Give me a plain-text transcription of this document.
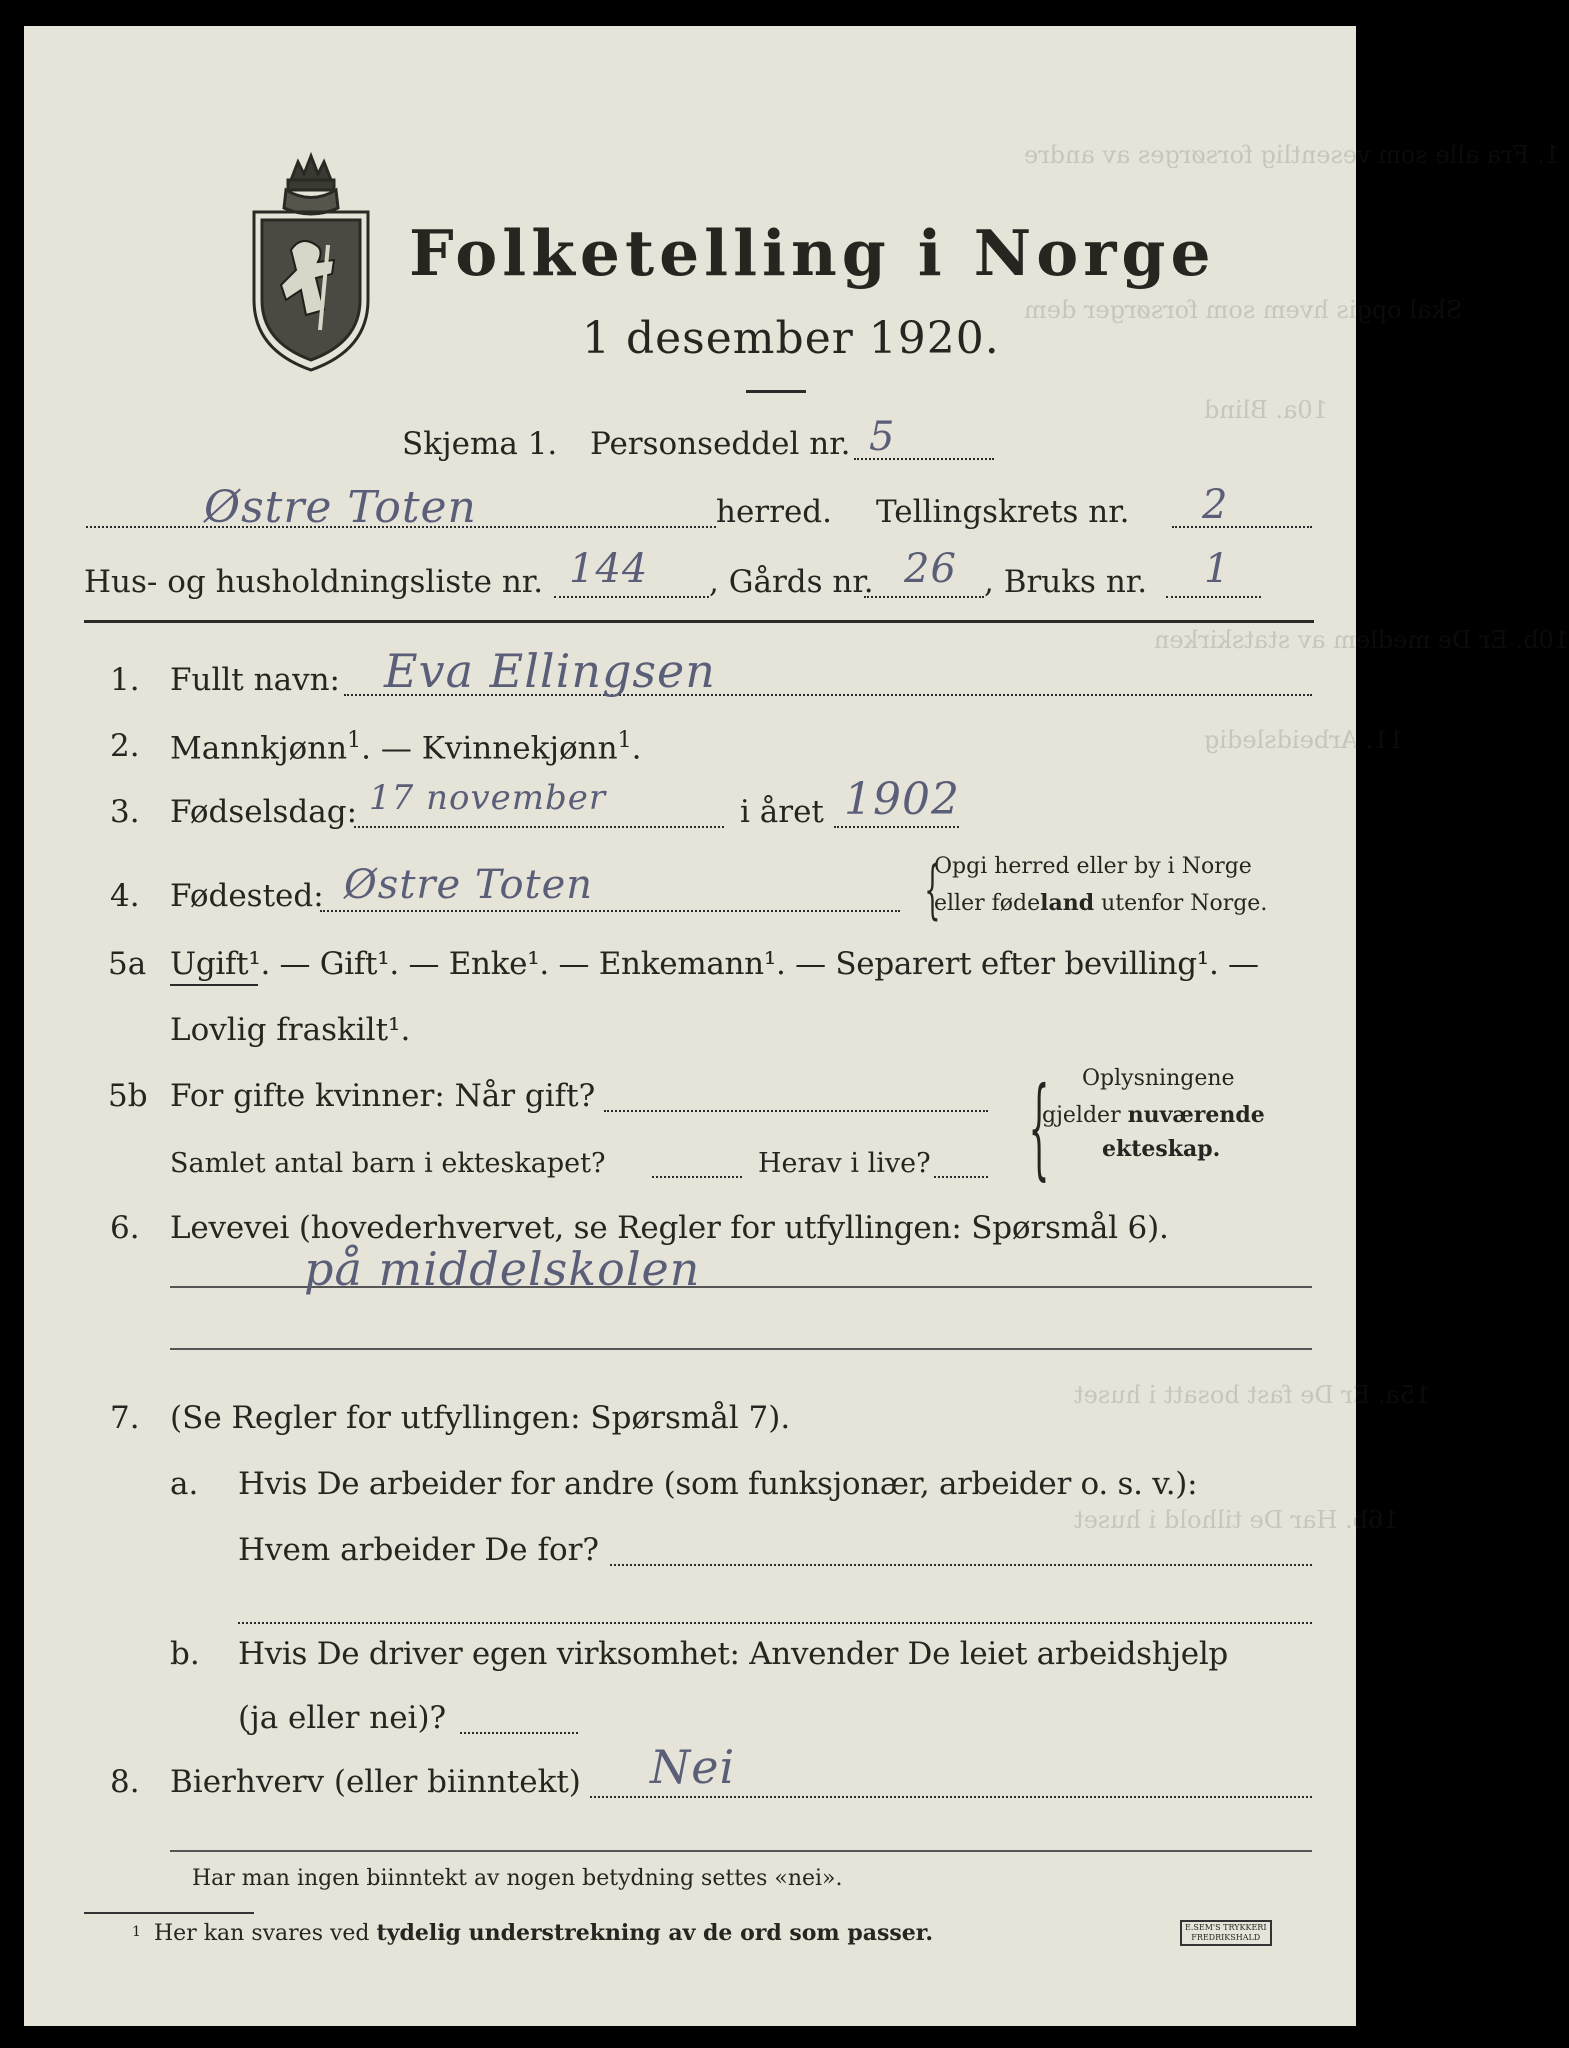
1. Fra alle som vesentlig forsørges av andre
Skal opgis hvem som forsørger dem
10a. Blind
10b. Er De medlem av statskirken
11. Arbeidsledig
15a. Er De fast bosatt i huset
16b. Har De tilhold i huset
Folketelling i Norge
1 desember 1920.
Skjema 1. Personseddel nr. 5
Østre Toten	herred. Tellingskrets nr. 2
Hus- og husholdningsliste nr. 144 , Gårds nr. 26 , Bruks nr. 1
1. Fullt navn: Eva Ellingsen
2. Mannkjønn$^1$. — Kvinnekjønn$^1$.
3. Fødselsdag: 17 november	i året 1902
4. Fødested: Østre Toten	{
Opgi herred eller by i Norge
eller fødeland utenfor Norge.
5a Ugift¹. — Gift¹. — Enke¹. — Enkemann¹. — Separert efter bevilling¹. —
Lovlig fraskilt¹.
5b For gifte kvinner: Når gift?
Samlet antal barn i ekteskapet?	Herav i live? { Oplysningene
gjelder nuværende
ekteskap.
6. Levevei (hovederhvervet, se Regler for utfyllingen: Spørsmål 6).
på middelskolen
7. (Se Regler for utfyllingen: Spørsmål 7).
a. Hvis De arbeider for andre (som funksjonær, arbeider o. s. v.):
Hvem arbeider De for?
b. Hvis De driver egen virksomhet: Anvender De leiet arbeidshjelp
(ja eller nei)?
8. Bierhverv (eller biinntekt) Nei
Har man ingen biinntekt av nogen betydning settes «nei».
1 Her kan svares ved tydelig understrekning av de ord som passer.	E.SEM'S TRYKKERI
FREDRIKSHALD
